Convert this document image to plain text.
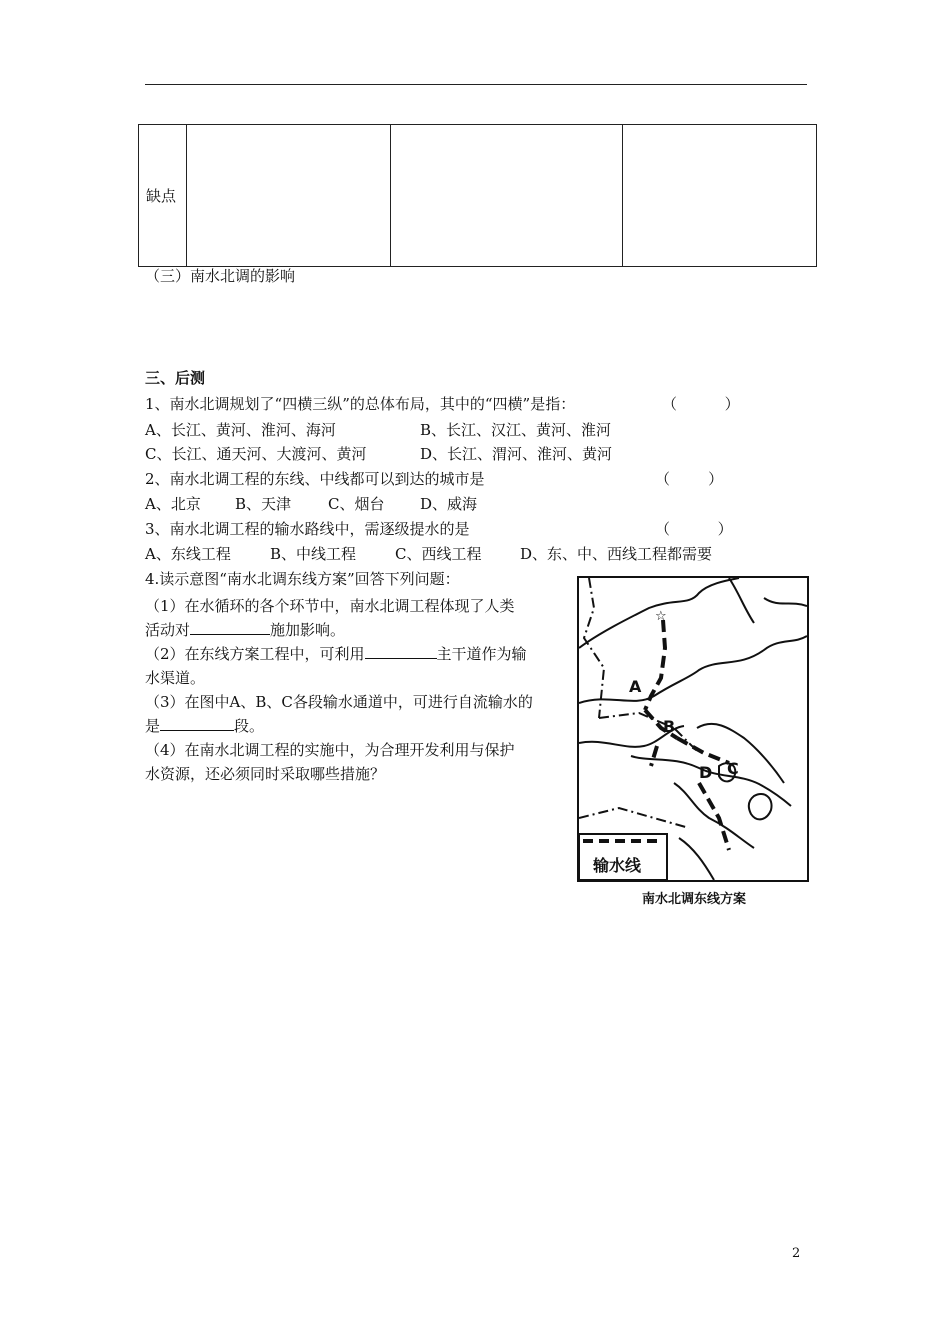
缺点			
（三）南水北调的影响
三、后测
1、南水北调规划了“四横三纵”的总体布局，其中的“四横”是指：	（          ）
A、长江、黄河、淮河、海河	B、长江、汉江、黄河、淮河
C、长江、通天河、大渡河、黄河	D、长江、渭河、淮河、黄河
2、南水北调工程的东线、中线都可以到达的城市是	（        ）
A、北京 B、天津 C、烟台 D、威海
3、南水北调工程的输水路线中，需逐级提水的是	（          ）
A、东线工程	B、中线工程	C、西线工程	D、东、中、西线工程都需要
4.读示意图“南水北调东线方案”回答下列问题：

（1）在水循环的各个环节中，南水北调工程体现了人类

活动对	施加影响。

（2）在东线方案工程中，可利用	主干道作为输

水渠道。

（3）在图中A、B、C各段输水通道中，可进行自流输水的

是	段。

（4）在南水北调工程的实施中，为合理开发利用与保护

水资源，还必须同时采取哪些措施？

☆
A
B
C
D
输水线
南水北调东线方案
2
